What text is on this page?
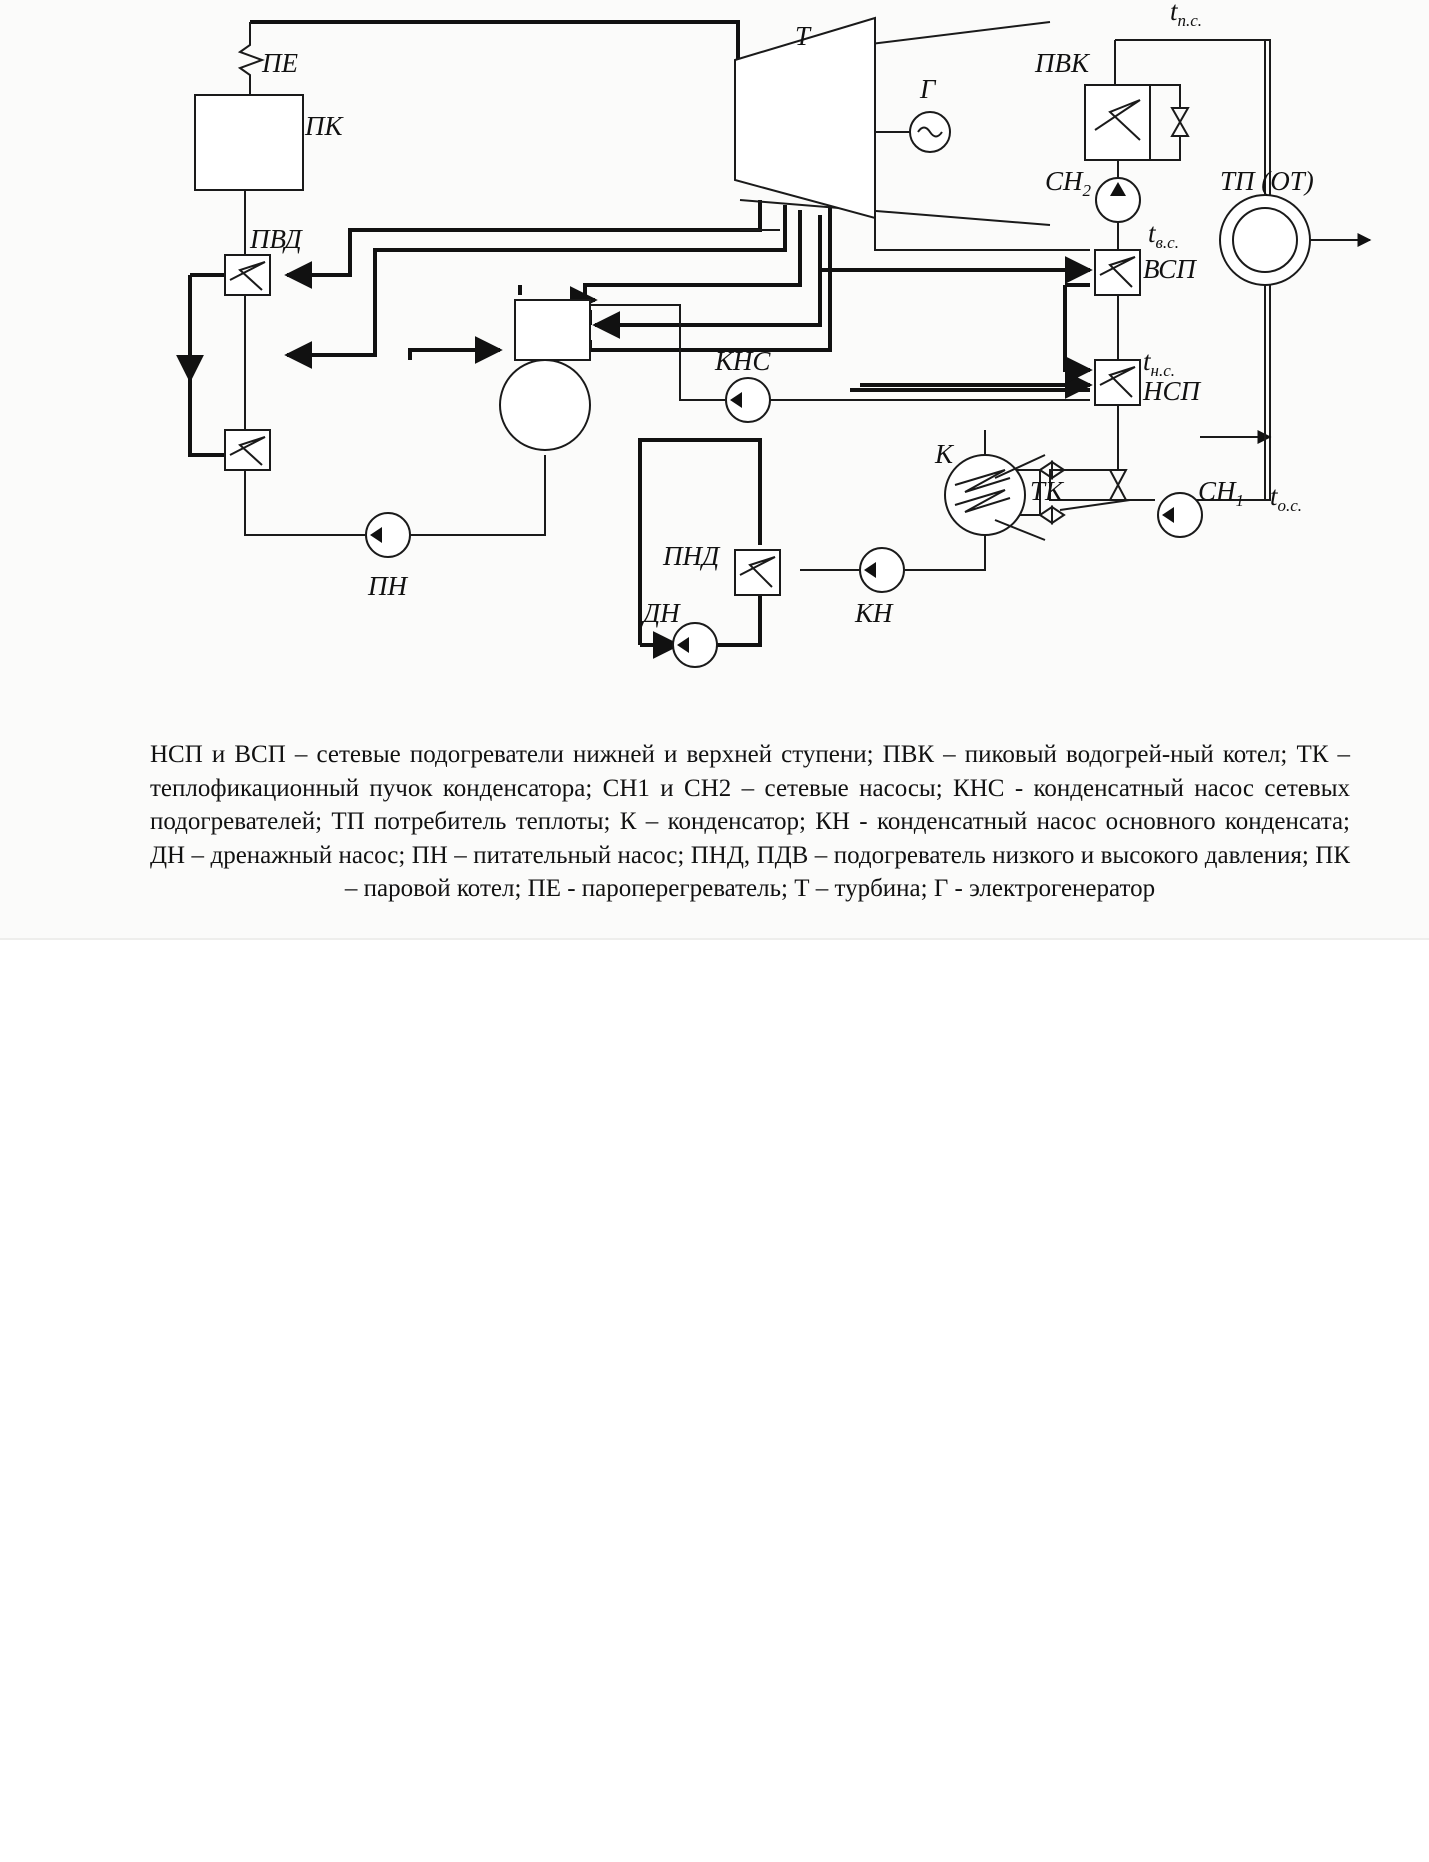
ПЕ
ПК
ПВД
Т
Г
ПВК
$t_{п.с.}$
$СН_2$	ТП (ОТ)
$t_{в.с.}$
ВСП
$t_{н.с.}$
НСП
КНС
К
ТК	$СН_1$ $t_{о.с.}$
ПНД
ДН	КН
ПН

НСП и ВСП – сетевые подогреватели нижней и верхней ступени; ПВК – пиковый водогрей-ный котел; ТК – теплофикационный пучок конденсатора; СН1 и СН2 – сетевые насосы; КНС - конденсатный насос сетевых подогревателей; ТП потребитель теплоты; К – конденсатор; КН - конденсатный насос основного конденсата; ДН – дренажный насос; ПН – питательный насос; ПНД, ПДВ – подогреватель низкого и высокого давления; ПК – паровой котел; ПЕ - пароперегреватель; Т – турбина; Г - электрогенератор
